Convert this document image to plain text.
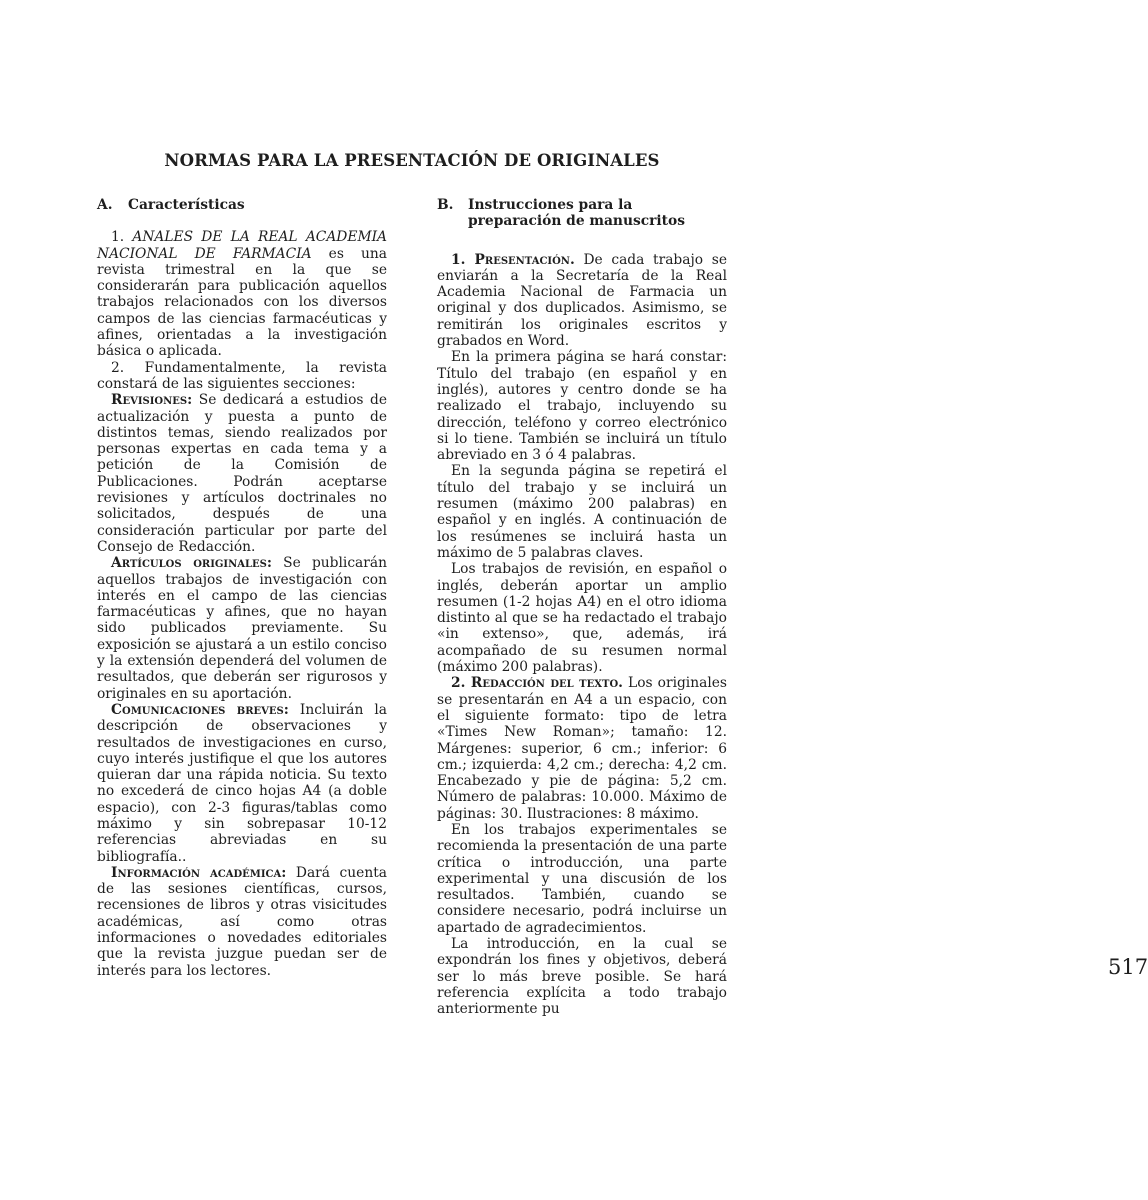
NORMAS PARA LA PRESENTACIÓN DE ORIGINALES
A.	Características

1. ANALES DE LA REAL ACADEMIA NACIONAL DE FARMACIA es una revista trimestral en la que se considerarán para publicación aquellos trabajos relacionados con los diversos campos de las ciencias farmacéuticas y afines, orientadas a la investigación básica o aplicada.

2. Fundamentalmente, la revista constará de las siguientes secciones:

Revisiones: Se dedicará a estudios de actualización y puesta a punto de distintos temas, siendo realizados por personas expertas en cada tema y a petición de la Comisión de Publicaciones. Podrán aceptarse revisiones y artículos doctrinales no solicitados, después de una consideración particular por parte del Consejo de Redacción.

Artículos originales: Se publicarán aquellos trabajos de investigación con interés en el campo de las ciencias farmacéuticas y afines, que no hayan sido publicados previamente. Su exposición se ajustará a un estilo conciso y la extensión dependerá del volumen de resultados, que deberán ser rigurosos y originales en su aportación.

Comunicaciones breves: Incluirán la descripción de observaciones y resultados de investigaciones en curso, cuyo interés justifique el que los autores quieran dar una rápida noticia. Su texto no excederá de cinco hojas A4 (a doble espacio), con 2-3 figuras/tablas como máximo y sin sobrepasar 10-12 referencias abreviadas en su bibliografía..

Información académica: Dará cuenta de las sesiones científicas, cursos, recensiones de libros y otras visicitudes académicas, así como otras informaciones o novedades editoriales que la revista juzgue puedan ser de interés para los lectores.

B.	Instrucciones para la preparación de manuscritos

1. Presentación. De cada trabajo se enviarán a la Secretaría de la Real Academia Nacional de Farmacia un original y dos duplicados. Asimismo, se remitirán los originales escritos y grabados en Word.

En la primera página se hará constar: Título del trabajo (en español y en inglés), autores y centro donde se ha realizado el trabajo, incluyendo su dirección, teléfono y correo electrónico si lo tiene. También se incluirá un título abreviado en 3 ó 4 palabras.

En la segunda página se repetirá el título del trabajo y se incluirá un resumen (máximo 200 palabras) en español y en inglés. A continuación de los resúmenes se incluirá hasta un máximo de 5 palabras claves.

Los trabajos de revisión, en español o inglés, deberán aportar un amplio resumen (1-2 hojas A4) en el otro idioma distinto al que se ha redactado el trabajo «in extenso», que, además, irá acompañado de su resumen normal (máximo 200 palabras).

2. Redacción del texto. Los originales se presentarán en A4 a un espacio, con el siguiente formato: tipo de letra «Times New Roman»; tamaño: 12. Márgenes: superior, 6 cm.; inferior: 6 cm.; izquierda: 4,2 cm.; derecha: 4,2 cm. Encabezado y pie de página: 5,2 cm. Número de palabras: 10.000. Máximo de páginas: 30. Ilustraciones: 8 máximo.

En los trabajos experimentales se recomienda la presentación de una parte crítica o introducción, una parte experimental y una discusión de los resultados. También, cuando se considere necesario, podrá incluirse un apartado de agradecimientos.

La introducción, en la cual se expondrán los fines y objetivos, deberá ser lo más breve posible. Se hará referencia explícita a todo trabajo anteriormente pu

517
